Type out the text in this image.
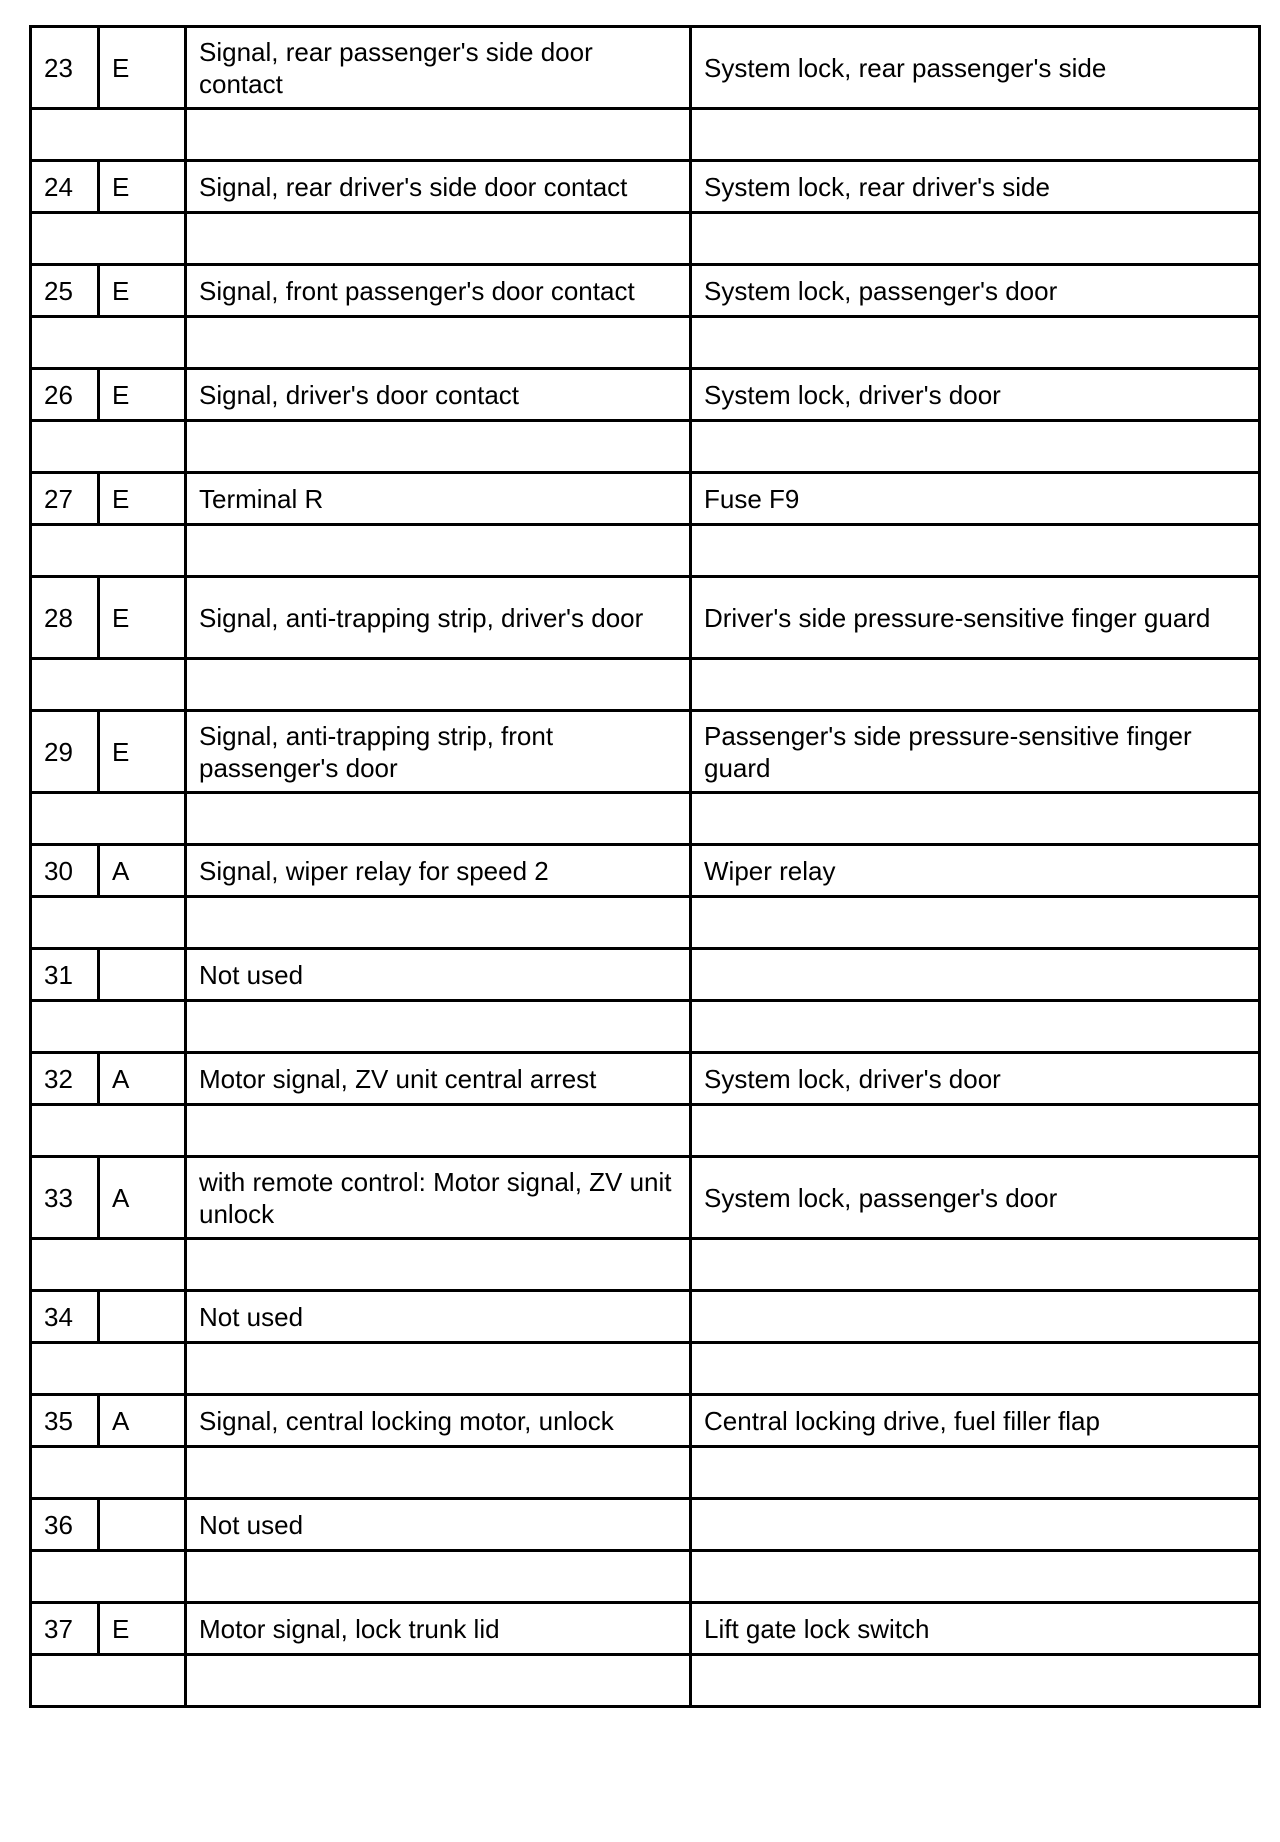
23	E	Signal, rear passenger's side door contact	System lock, rear passenger's side

24	E	Signal, rear driver's side door contact	System lock, rear driver's side

25	E	Signal, front passenger's door contact	System lock, passenger's door

26	E	Signal, driver's door contact	System lock, driver's door

27	E	Terminal R	Fuse F9

28	E	Signal, anti-trapping strip, driver's door	Driver's side pressure-sensitive finger guard

29	E	Signal, anti-trapping strip, front passenger's door	Passenger's side pressure-sensitive finger guard

30	A	Signal, wiper relay for speed 2	Wiper relay

31		Not used	

32	A	Motor signal, ZV unit central arrest	System lock, driver's door

33	A	with remote control: Motor signal, ZV unit unlock	System lock, passenger's door

34		Not used	

35	A	Signal, central locking motor, unlock	Central locking drive, fuel filler flap

36		Not used	

37	E	Motor signal, lock trunk lid	Lift gate lock switch
